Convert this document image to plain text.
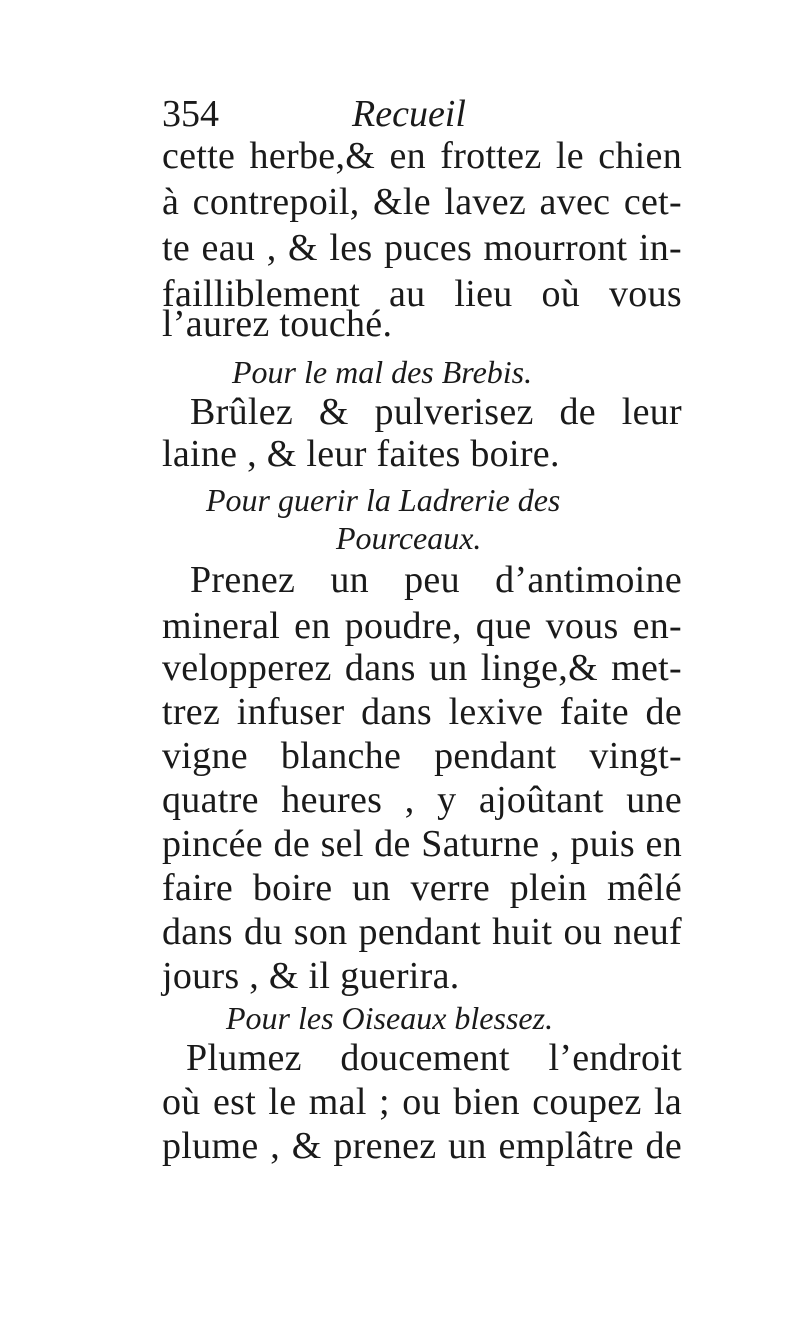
354	Recueil
cette herbe,& en frottez le chien
à contrepoil, &le lavez avec cet-
te eau , & les puces mourront in-
failliblement au lieu où vous
l’aurez touché.
Pour le mal des Brebis.
Brûlez & pulverisez de leur
laine , & leur faites boire.
Pour guerir la Ladrerie des
Pourceaux.
Prenez un peu d’antimoine
mineral en poudre, que vous en-
velopperez dans un linge,& met-
trez infuser dans lexive faite de
vigne blanche pendant vingt-
quatre heures , y ajoûtant une
pincée de sel de Saturne , puis en
faire boire un verre plein mêlé
dans du son pendant huit ou neuf
jours , & il guerira.
Pour les Oiseaux blessez.
Plumez doucement l’endroit
où est le mal ; ou bien coupez la
plume , & prenez un emplâtre de
